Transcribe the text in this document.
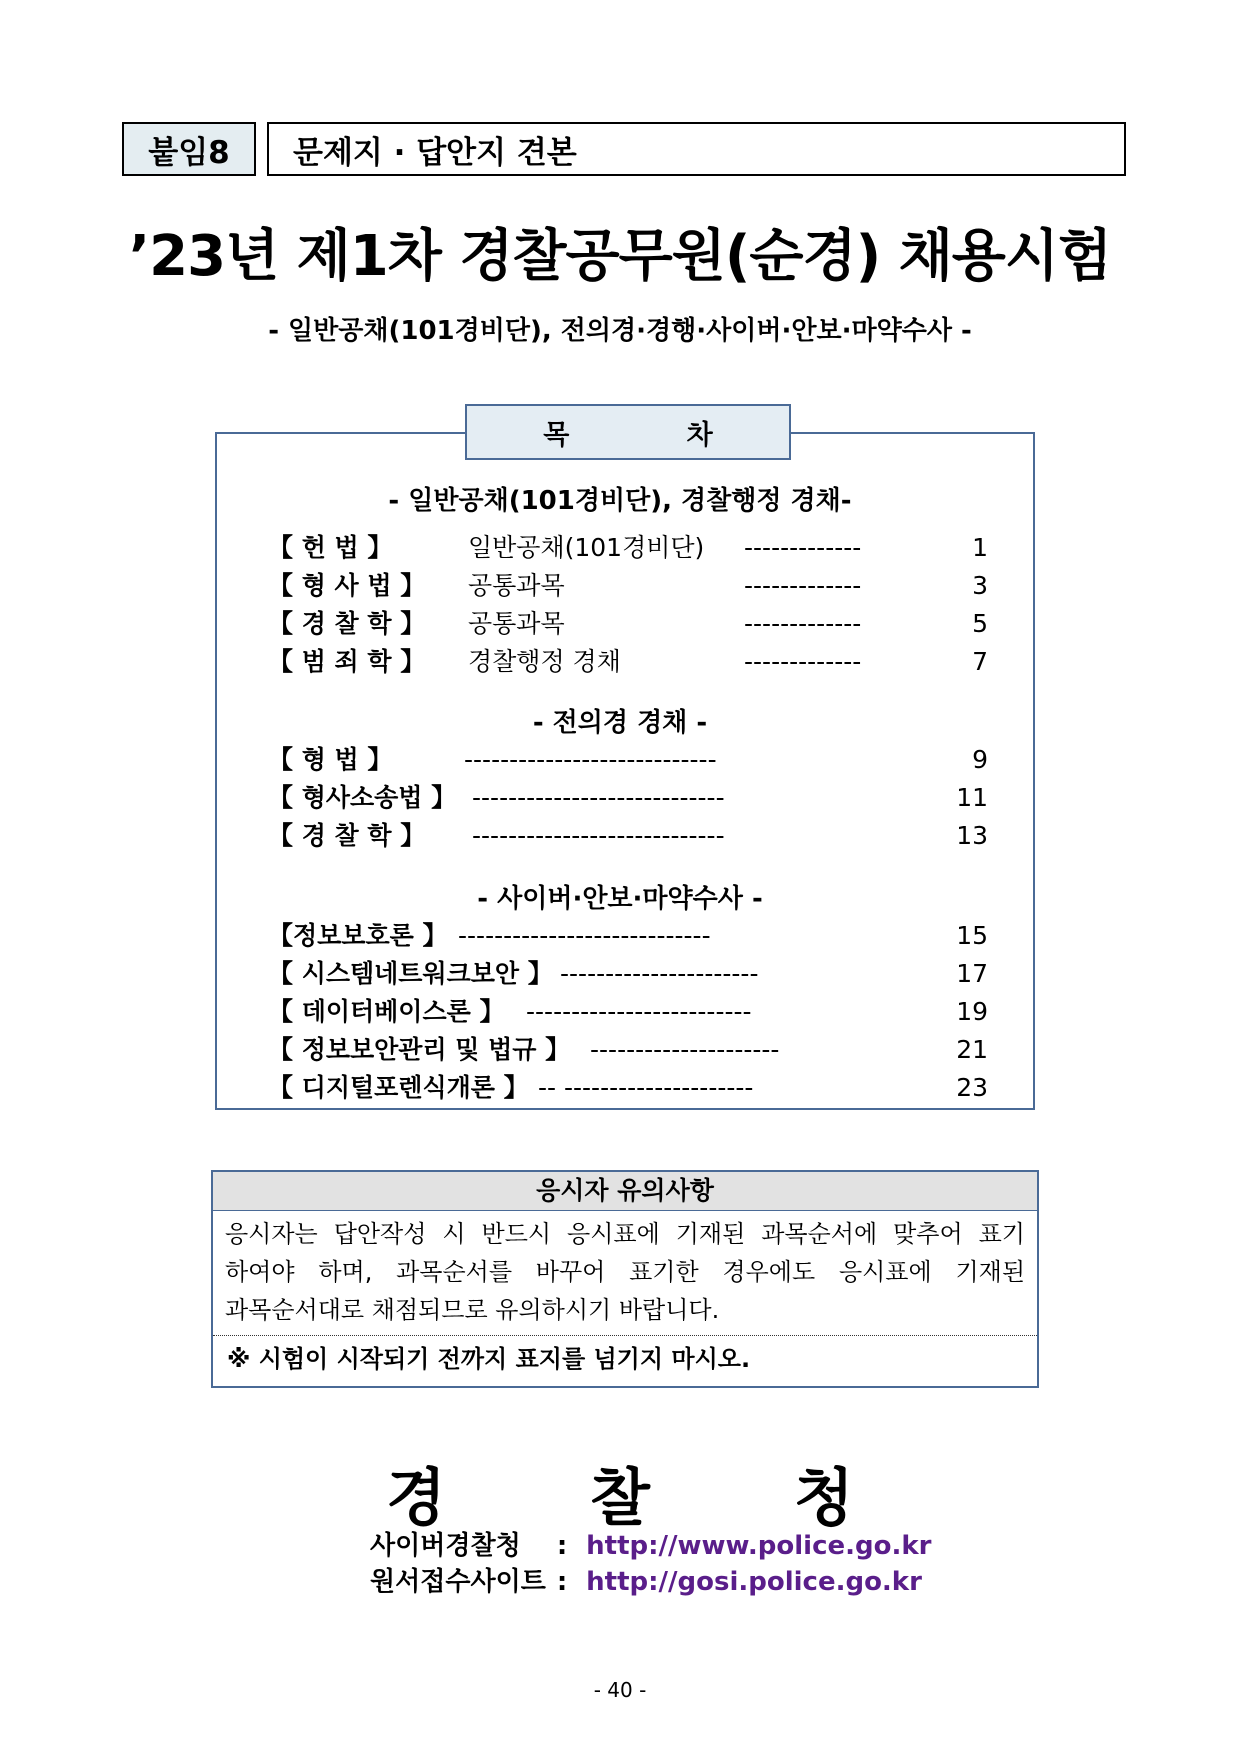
붙임8	문제지 · 답안지 견본
’23년 제1차 경찰공무원(순경) 채용시험
- 일반공채(101경비단), 전의경·경행·사이버·안보·마약수사 -
목 차
- 일반공채(101경비단), 경찰행정 경채-
【 헌 법 】	일반공채(101경비단) -------------	1
【 형 사 법 】 공통과목	-------------	3
【 경 찰 학 】 공통과목	-------------	5
【 범 죄 학 】 경찰행정 경채	-------------	7
- 전의경 경채 -
【 형 법 】	----------------------------	9
【 형사소송법 】 ----------------------------	11
【 경 찰 학 】 ----------------------------	13
- 사이버·안보·마약수사 -
【정보보호론 】 ----------------------------	15
【 시스템네트워크보안 】 ----------------------	17
【 데이터베이스론 】 -------------------------	19
【 정보보안관리 및 법규 】 ---------------------	21
【 디지털포렌식개론 】 -- ---------------------	23
응시자 유의사항
응시자는 답안작성 시 반드시 응시표에 기재된 과목순서에 맞추어 표기
하여야 하며, 과목순서를 바꾸어 표기한 경우에도 응시표에 기재된
과목순서대로 채점되므로 유의하시기 바랍니다.
※ 시험이 시작되기 전까지 표지를 넘기지 마시오.
경 찰 청
사이버경찰청 : http://www.police.go.kr
원서접수사이트 : http://gosi.police.go.kr
- 40 -
